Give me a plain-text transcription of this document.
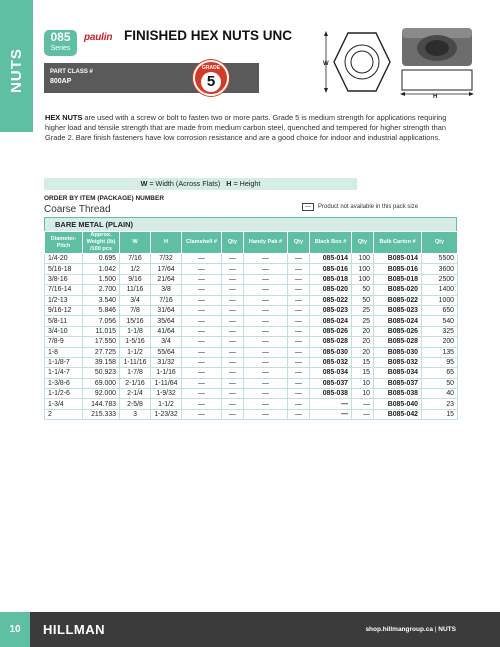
NUTS
085
Series
paulin FINISHED HEX NUTS UNC
PART CLASS #
800AP
GRADE
5
W
H
HEX NUTS are used with a screw or bolt to fasten two or more parts. Grade 5 is medium strength for applications requiring higher load and tensile strength that are made from medium carbon steel, quenched and tempered for higher strength than Grade 2. Bare finish fasteners have low corrosion resistance and are a good choice for indoor and industrial applications.
W = Width (Across Flats) H = Height
ORDER BY ITEM (PACKAGE) NUMBER
Coarse Thread	—	Product not available in this pack size
BARE METAL (PLAIN)
Diameter-Pitch	Approx. Weight (lb) /100 pcs	W	H	Clamshell #	Qty	Handy Pak #	Qty	Black Box #	Qty	Bulk Carton #	Qty
1/4-20	0.695	7/16	7/32	—	—	—	—	085-014	100	B085-014	5500
5/16-18	1.042	1/2	17/64	—	—	—	—	085-016	100	B085-016	3600
3/8-16	1.500	9/16	21/64	—	—	—	—	085-018	100	B085-018	2500
7/16-14	2.700	11/16	3/8	—	—	—	—	085-020	50	B085-020	1400
1/2-13	3.540	3/4	7/16	—	—	—	—	085-022	50	B085-022	1000
9/16-12	5.846	7/8	31/64	—	—	—	—	085-023	25	B085-023	650
5/8-11	7.056	15/16	35/64	—	—	—	—	085-024	25	B085-024	540
3/4-10	11.015	1-1/8	41/64	—	—	—	—	085-026	20	B085-026	325
7/8-9	17.550	1-5/16	3/4	—	—	—	—	085-028	20	B085-028	200
1-8	27.725	1-1/2	55/64	—	—	—	—	085-030	20	B085-030	135
1-1/8-7	39.158	1-11/16	31/32	—	—	—	—	085-032	15	B085-032	95
1-1/4-7	50.923	1-7/8	1-1/16	—	—	—	—	085-034	15	B085-034	65
1-3/8-6	69.000	2-1/16	1-11/64	—	—	—	—	085-037	10	B085-037	50
1-1/2-6	92.000	2-1/4	1-9/32	—	—	—	—	085-038	10	B085-038	40
1-3/4	144.783	2-5/8	1-1/2	—	—	—	—	—	—	B085-040	23
2	215.333	3	1-23/32	—	—	—	—	—	—	B085-042	15
10	HILLMAN	shop.hillmangroup.ca | NUTS
